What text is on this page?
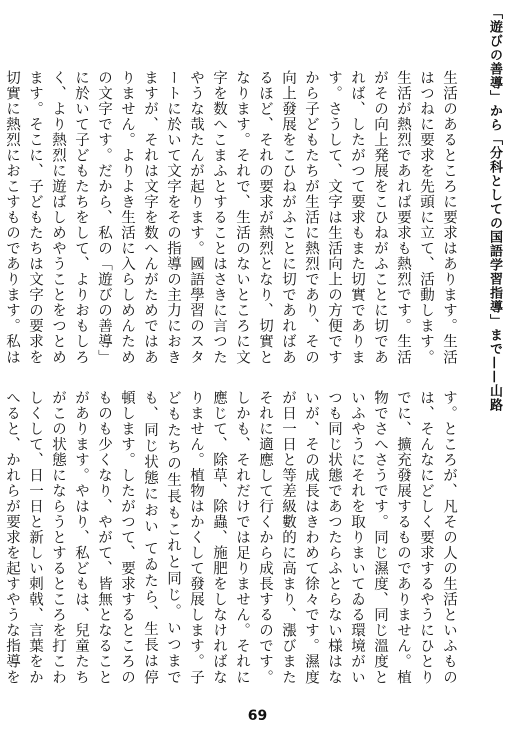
「遊びの善導」から「分科としての国語学習指導」まで——山路
生活のあるところに要求はあります。生活はつねに要求を先頭に立て、活動します。生活が熱烈であれば要求も熱烈です。生活がその向上発展をこひねがふことに切であれば、したがつて要求もまた切實であります。さうして、文字は生活向上の方便ですから子どもたちが生活に熱烈であり、その向上發展をこひねがふことに切であればあるほど、それの要求が熱烈となり、切實となります。それで、生活のないところに文字を数へこまふとすることはさきに言つたやうな哉たんが起ります。國語學習のスタートに於いて文字をその指導の主力におきますが、それは文字を数へんがためではありません。よりよき生活に入らしめんための文字です。だから、私の「遊びの善導」に於いて子どもたちをして、よりおもしろく、より熱烈に遊ばしめやうことをつとめます。そこに、子どもたちは文字の要求を切實に熱烈におこすものであります。私は
す。ところが、凡その人の生活といふものは、そんなにどしく要求するやうにひとりでに、擴充發展するものでありません。植物でさへさうです。同じ濕度、同じ溫度といふやうにそれを取りまいてゐる環境がいつも同じ状態であつたらふとらない様はないが、その成長はきわめて徐々です。濕度が日一日と等差級數的に高まり、漲びまたそれに適應して行くから成長するのです。しかも、それだけでは足りません。それに應じて、除草、除蟲、施肥をしなければなりません。植物はかくして發展します。子どもたちの生長もこれと同じ。いつまでも、同じ状態におい てゐたら、生長は停頓します。したがつて、要求するところのものも少くなり、やがて、皆無となることがあります。やはり、私どもは、兒童たちがこの状態にならうとするところを打こわしくして、日一日と新しい刺戟、言葉をかへると、かれらが要求を起すやうな指導を
69
